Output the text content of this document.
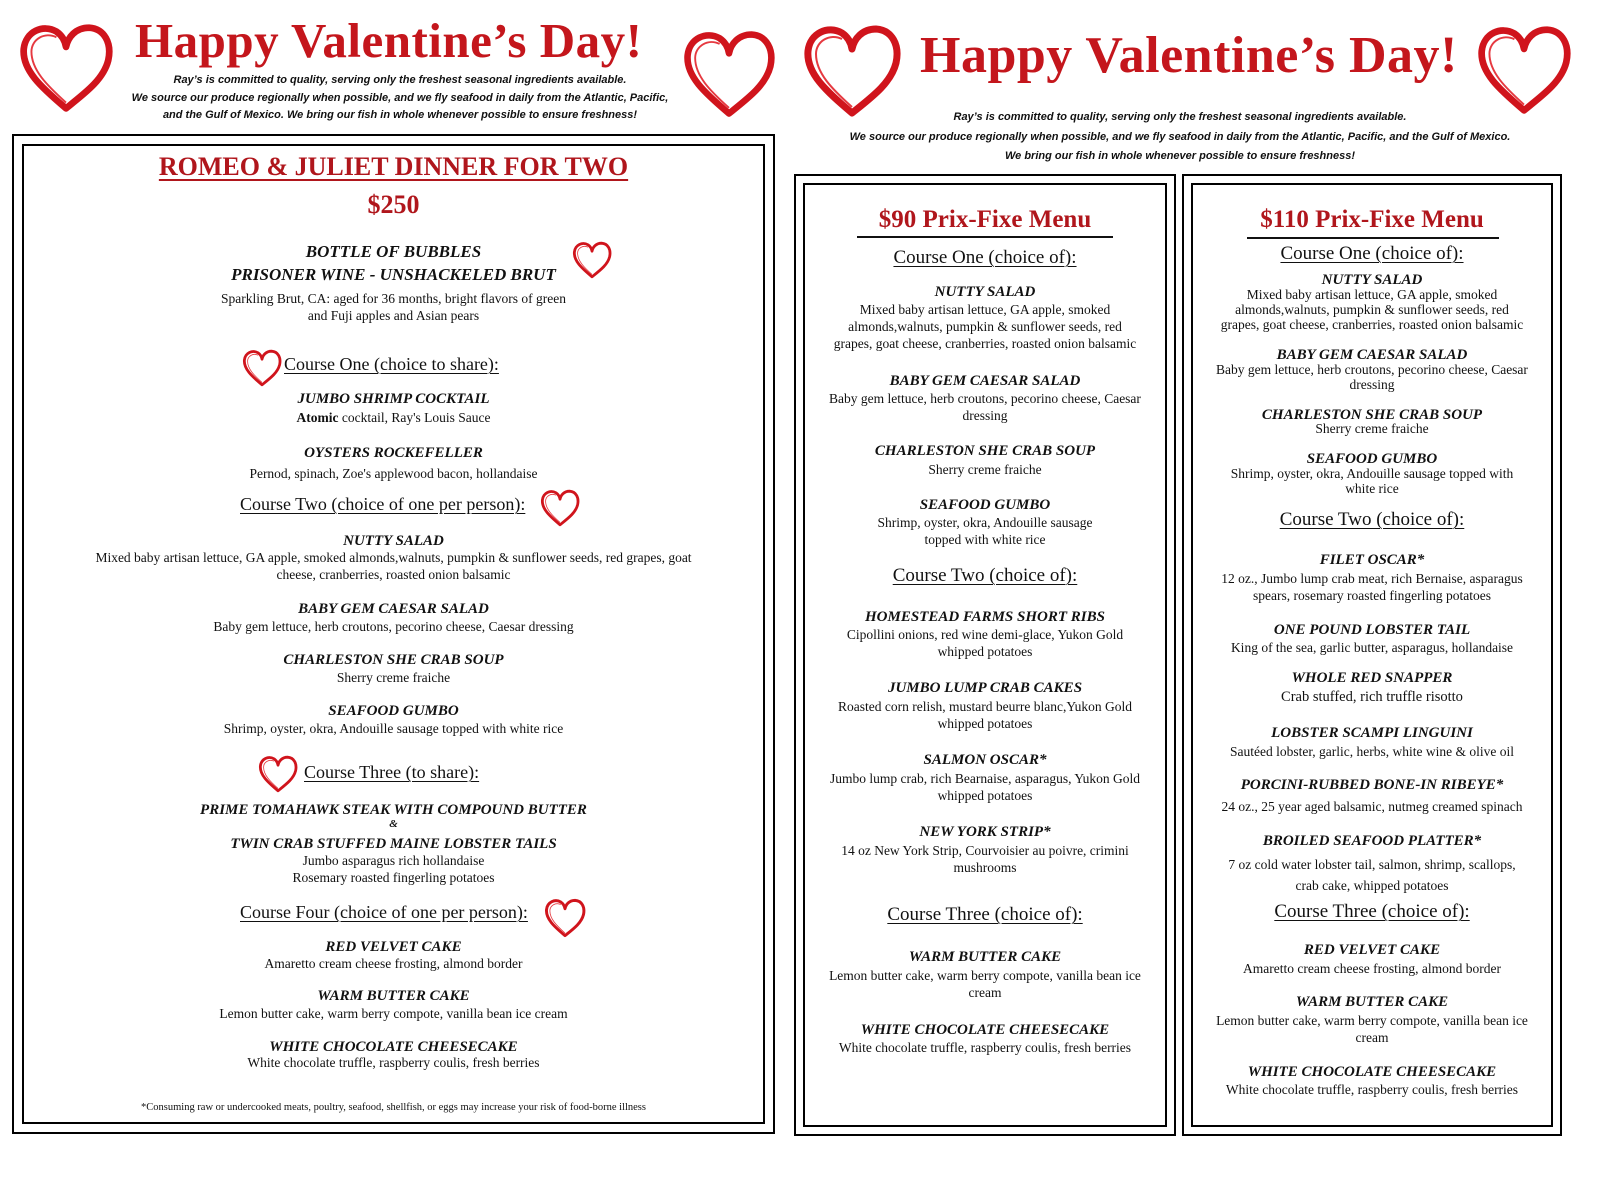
Happy Valentine’s Day!
Ray’s is committed to quality, serving only the freshest seasonal ingredients available.
We source our produce regionally when possible, and we fly seafood in daily from the Atlantic, Pacific,
and the Gulf of Mexico. We bring our fish in whole whenever possible to ensure freshness!
ROMEO & JULIET DINNER FOR TWO
$250
BOTTLE OF BUBBLES
PRISONER WINE - UNSHACKELED BRUT
Sparkling Brut, CA: aged for 36 months, bright flavors of green
and Fuji apples and Asian pears
Course One (choice to share):
JUMBO SHRIMP COCKTAIL
Atomic cocktail, Ray's Louis Sauce
OYSTERS ROCKEFELLER
Pernod, spinach, Zoe's applewood bacon, hollandaise
Course Two (choice of one per person):
NUTTY SALAD
Mixed baby artisan lettuce, GA apple, smoked almonds,walnuts, pumpkin & sunflower seeds, red grapes, goat
cheese, cranberries, roasted onion balsamic
BABY GEM CAESAR SALAD
Baby gem lettuce, herb croutons, pecorino cheese, Caesar dressing
CHARLESTON SHE CRAB SOUP
Sherry creme fraiche
SEAFOOD GUMBO
Shrimp, oyster, okra, Andouille sausage topped with white rice
Course Three (to share):
PRIME TOMAHAWK STEAK WITH COMPOUND BUTTER
&
TWIN CRAB STUFFED MAINE LOBSTER TAILS
Jumbo asparagus rich hollandaise
Rosemary roasted fingerling potatoes
Course Four (choice of one per person):
RED VELVET CAKE
Amaretto cream cheese frosting, almond border
WARM BUTTER CAKE
Lemon butter cake, warm berry compote, vanilla bean ice cream
WHITE CHOCOLATE CHEESECAKE
White chocolate truffle, raspberry coulis, fresh berries
*Consuming raw or undercooked meats, poultry, seafood, shellfish, or eggs may increase your risk of food-borne illness
Happy Valentine’s Day!
Ray’s is committed to quality, serving only the freshest seasonal ingredients available.
We source our produce regionally when possible, and we fly seafood in daily from the Atlantic, Pacific, and the Gulf of Mexico.
We bring our fish in whole whenever possible to ensure freshness!
$90 Prix-Fixe Menu
Course One (choice of):
NUTTY SALAD
Mixed baby artisan lettuce, GA apple, smoked
almonds,walnuts, pumpkin & sunflower seeds, red
grapes, goat cheese, cranberries, roasted onion balsamic
BABY GEM CAESAR SALAD
Baby gem lettuce, herb croutons, pecorino cheese, Caesar
dressing
CHARLESTON SHE CRAB SOUP
Sherry creme fraiche
SEAFOOD GUMBO
Shrimp, oyster, okra, Andouille sausage
topped with white rice
Course Two (choice of):
HOMESTEAD FARMS SHORT RIBS
Cipollini onions, red wine demi-glace, Yukon Gold
whipped potatoes
JUMBO LUMP CRAB CAKES
Roasted corn relish, mustard beurre blanc,Yukon Gold
whipped potatoes
SALMON OSCAR*
Jumbo lump crab, rich Bearnaise, asparagus, Yukon Gold
whipped potatoes
NEW YORK STRIP*
14 oz New York Strip, Courvoisier au poivre, crimini
mushrooms
Course Three (choice of):
WARM BUTTER CAKE
Lemon butter cake, warm berry compote, vanilla bean ice
cream
WHITE CHOCOLATE CHEESECAKE
White chocolate truffle, raspberry coulis, fresh berries
$110 Prix-Fixe Menu
Course One (choice of):
NUTTY SALAD
Mixed baby artisan lettuce, GA apple, smoked
almonds,walnuts, pumpkin & sunflower seeds, red
grapes, goat cheese, cranberries, roasted onion balsamic
BABY GEM CAESAR SALAD
Baby gem lettuce, herb croutons, pecorino cheese, Caesar
dressing
CHARLESTON SHE CRAB SOUP
Sherry creme fraiche
SEAFOOD GUMBO
Shrimp, oyster, okra, Andouille sausage topped with
white rice
Course Two (choice of):
FILET OSCAR*
12 oz., Jumbo lump crab meat, rich Bernaise, asparagus
spears, rosemary roasted fingerling potatoes
ONE POUND LOBSTER TAIL
King of the sea, garlic butter, asparagus, hollandaise
WHOLE RED SNAPPER
Crab stuffed, rich truffle risotto
LOBSTER SCAMPI LINGUINI
Sautéed lobster, garlic, herbs, white wine & olive oil
PORCINI-RUBBED BONE-IN RIBEYE*
24 oz., 25 year aged balsamic, nutmeg creamed spinach
BROILED SEAFOOD PLATTER*
7 oz cold water lobster tail, salmon, shrimp, scallops,
crab cake, whipped potatoes
Course Three (choice of):
RED VELVET CAKE
Amaretto cream cheese frosting, almond border
WARM BUTTER CAKE
Lemon butter cake, warm berry compote, vanilla bean ice
cream
WHITE CHOCOLATE CHEESECAKE
White chocolate truffle, raspberry coulis, fresh berries
